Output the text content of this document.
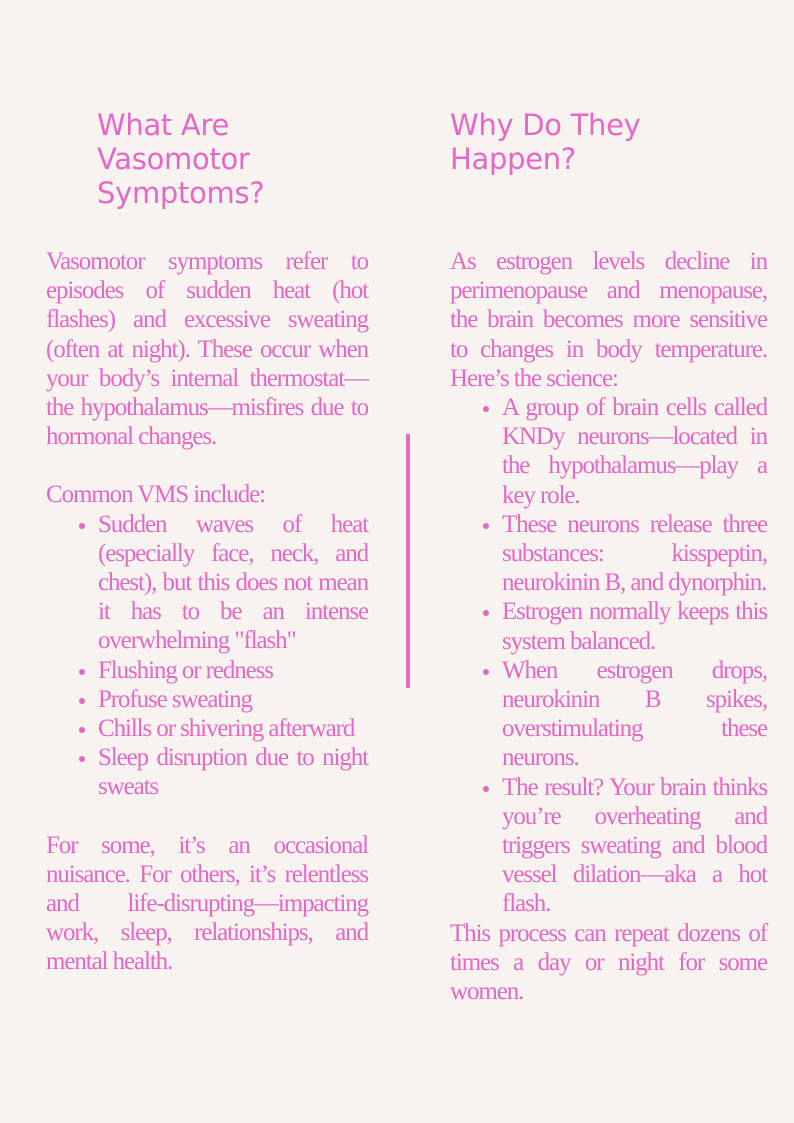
What Are Vasomotor Symptoms?
Why Do They Happen?

Vasomotor symptoms refer to episodes of sudden heat (hot flashes) and excessive sweating (often at night). These occur when your body’s internal thermostat—the hypothalamus—misfires due to hormonal changes.

Common VMS include:

Sudden waves of heat (especially face, neck, and chest), but this does not mean it has to be an intense overwhelming "flash"
Flushing or redness
Profuse sweating
Chills or shivering afterward
Sleep disruption due to night sweats

For some, it’s an occasional nuisance. For others, it’s relentless and life-disrupting—impacting work, sleep, relationships, and mental health.

As estrogen levels decline in perimenopause and menopause, the brain becomes more sensitive to changes in body temperature. Here’s the science:

A group of brain cells called KNDy neurons—located in the hypothalamus—play a key role.
These neurons release three substances: kisspeptin, neurokinin B, and dynorphin.
Estrogen normally keeps this system balanced.
When estrogen drops, neurokinin B spikes, overstimulating these neurons.
The result? Your brain thinks you’re overheating and triggers sweating and blood vessel dilation—aka a hot flash.

This process can repeat dozens of times a day or night for some women.
